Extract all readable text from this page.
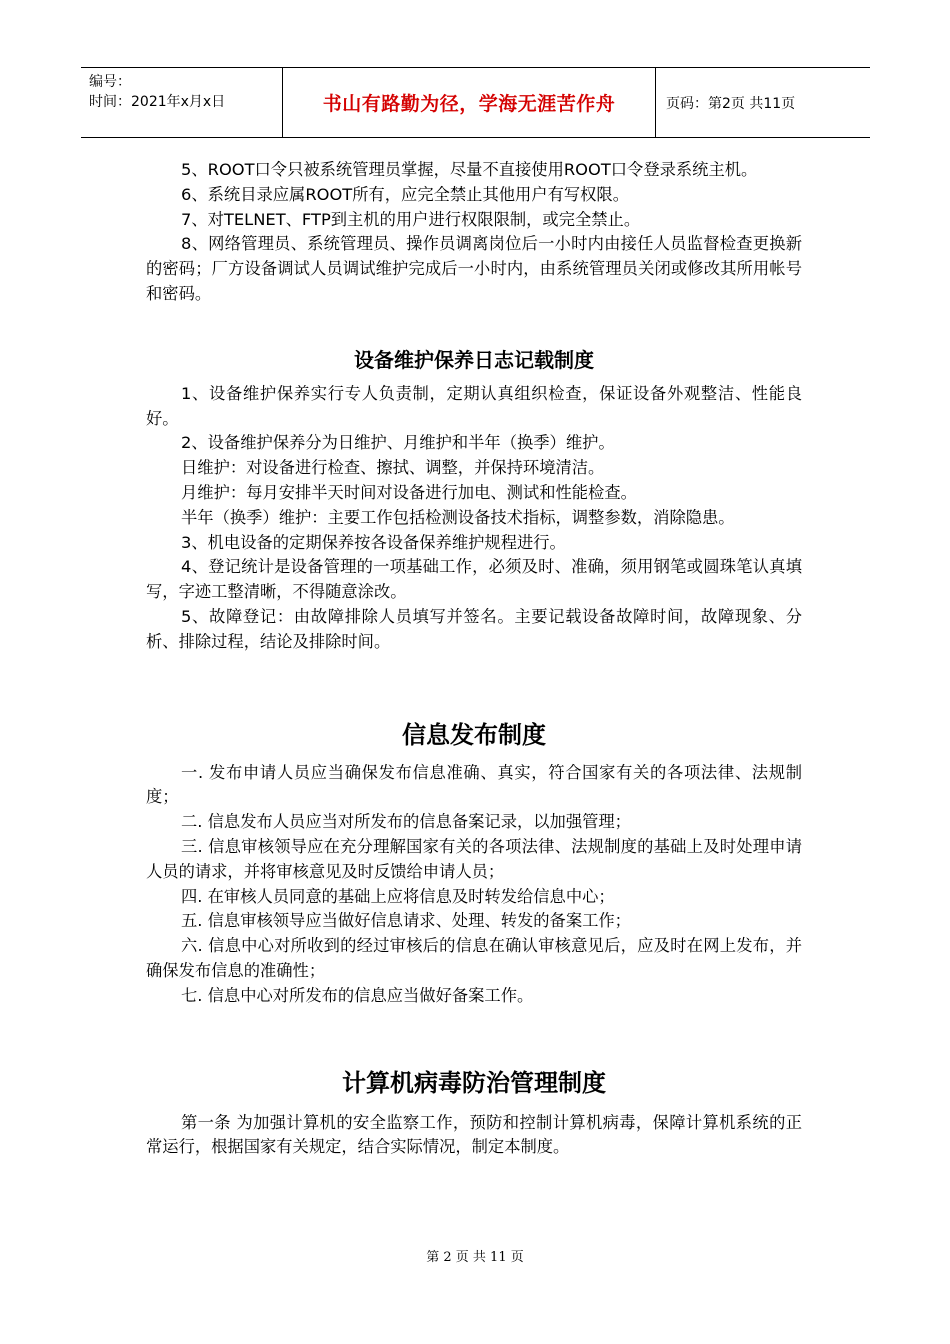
编号：
时间：2021年x月x日	书山有路勤为径，学海无涯苦作舟	页码：第2页 共11页

5、ROOT口令只被系统管理员掌握，尽量不直接使用ROOT口令登录系统主机。

6、系统目录应属ROOT所有，应完全禁止其他用户有写权限。

7、对TELNET、FTP到主机的用户进行权限限制，或完全禁止。

8、网络管理员、系统管理员、操作员调离岗位后一小时内由接任人员监督检查更换新的密码；厂方设备调试人员调试维护完成后一小时内，由系统管理员关闭或修改其所用帐号和密码。

设备维护保养日志记载制度

1、设备维护保养实行专人负责制，定期认真组织检查，保证设备外观整洁、性能良好。

2、设备维护保养分为日维护、月维护和半年（换季）维护。

日维护：对设备进行检查、擦拭、调整，并保持环境清洁。

月维护：每月安排半天时间对设备进行加电、测试和性能检查。

半年（换季）维护：主要工作包括检测设备技术指标，调整参数，消除隐患。

3、机电设备的定期保养按各设备保养维护规程进行。

4、登记统计是设备管理的一项基础工作，必须及时、准确，须用钢笔或圆珠笔认真填写，字迹工整清晰，不得随意涂改。

5、故障登记：由故障排除人员填写并签名。主要记载设备故障时间，故障现象、分析、排除过程，结论及排除时间。

信息发布制度

一. 发布申请人员应当确保发布信息准确、真实，符合国家有关的各项法律、法规制度；

二. 信息发布人员应当对所发布的信息备案记录，以加强管理；

三. 信息审核领导应在充分理解国家有关的各项法律、法规制度的基础上及时处理申请人员的请求，并将审核意见及时反馈给申请人员；

四. 在审核人员同意的基础上应将信息及时转发给信息中心；

五. 信息审核领导应当做好信息请求、处理、转发的备案工作；

六. 信息中心对所收到的经过审核后的信息在确认审核意见后，应及时在网上发布，并确保发布信息的准确性；

七. 信息中心对所发布的信息应当做好备案工作。

计算机病毒防治管理制度

第一条 为加强计算机的安全监察工作，预防和控制计算机病毒，保障计算机系统的正常运行，根据国家有关规定，结合实际情况，制定本制度。

第 2 页 共 11 页
